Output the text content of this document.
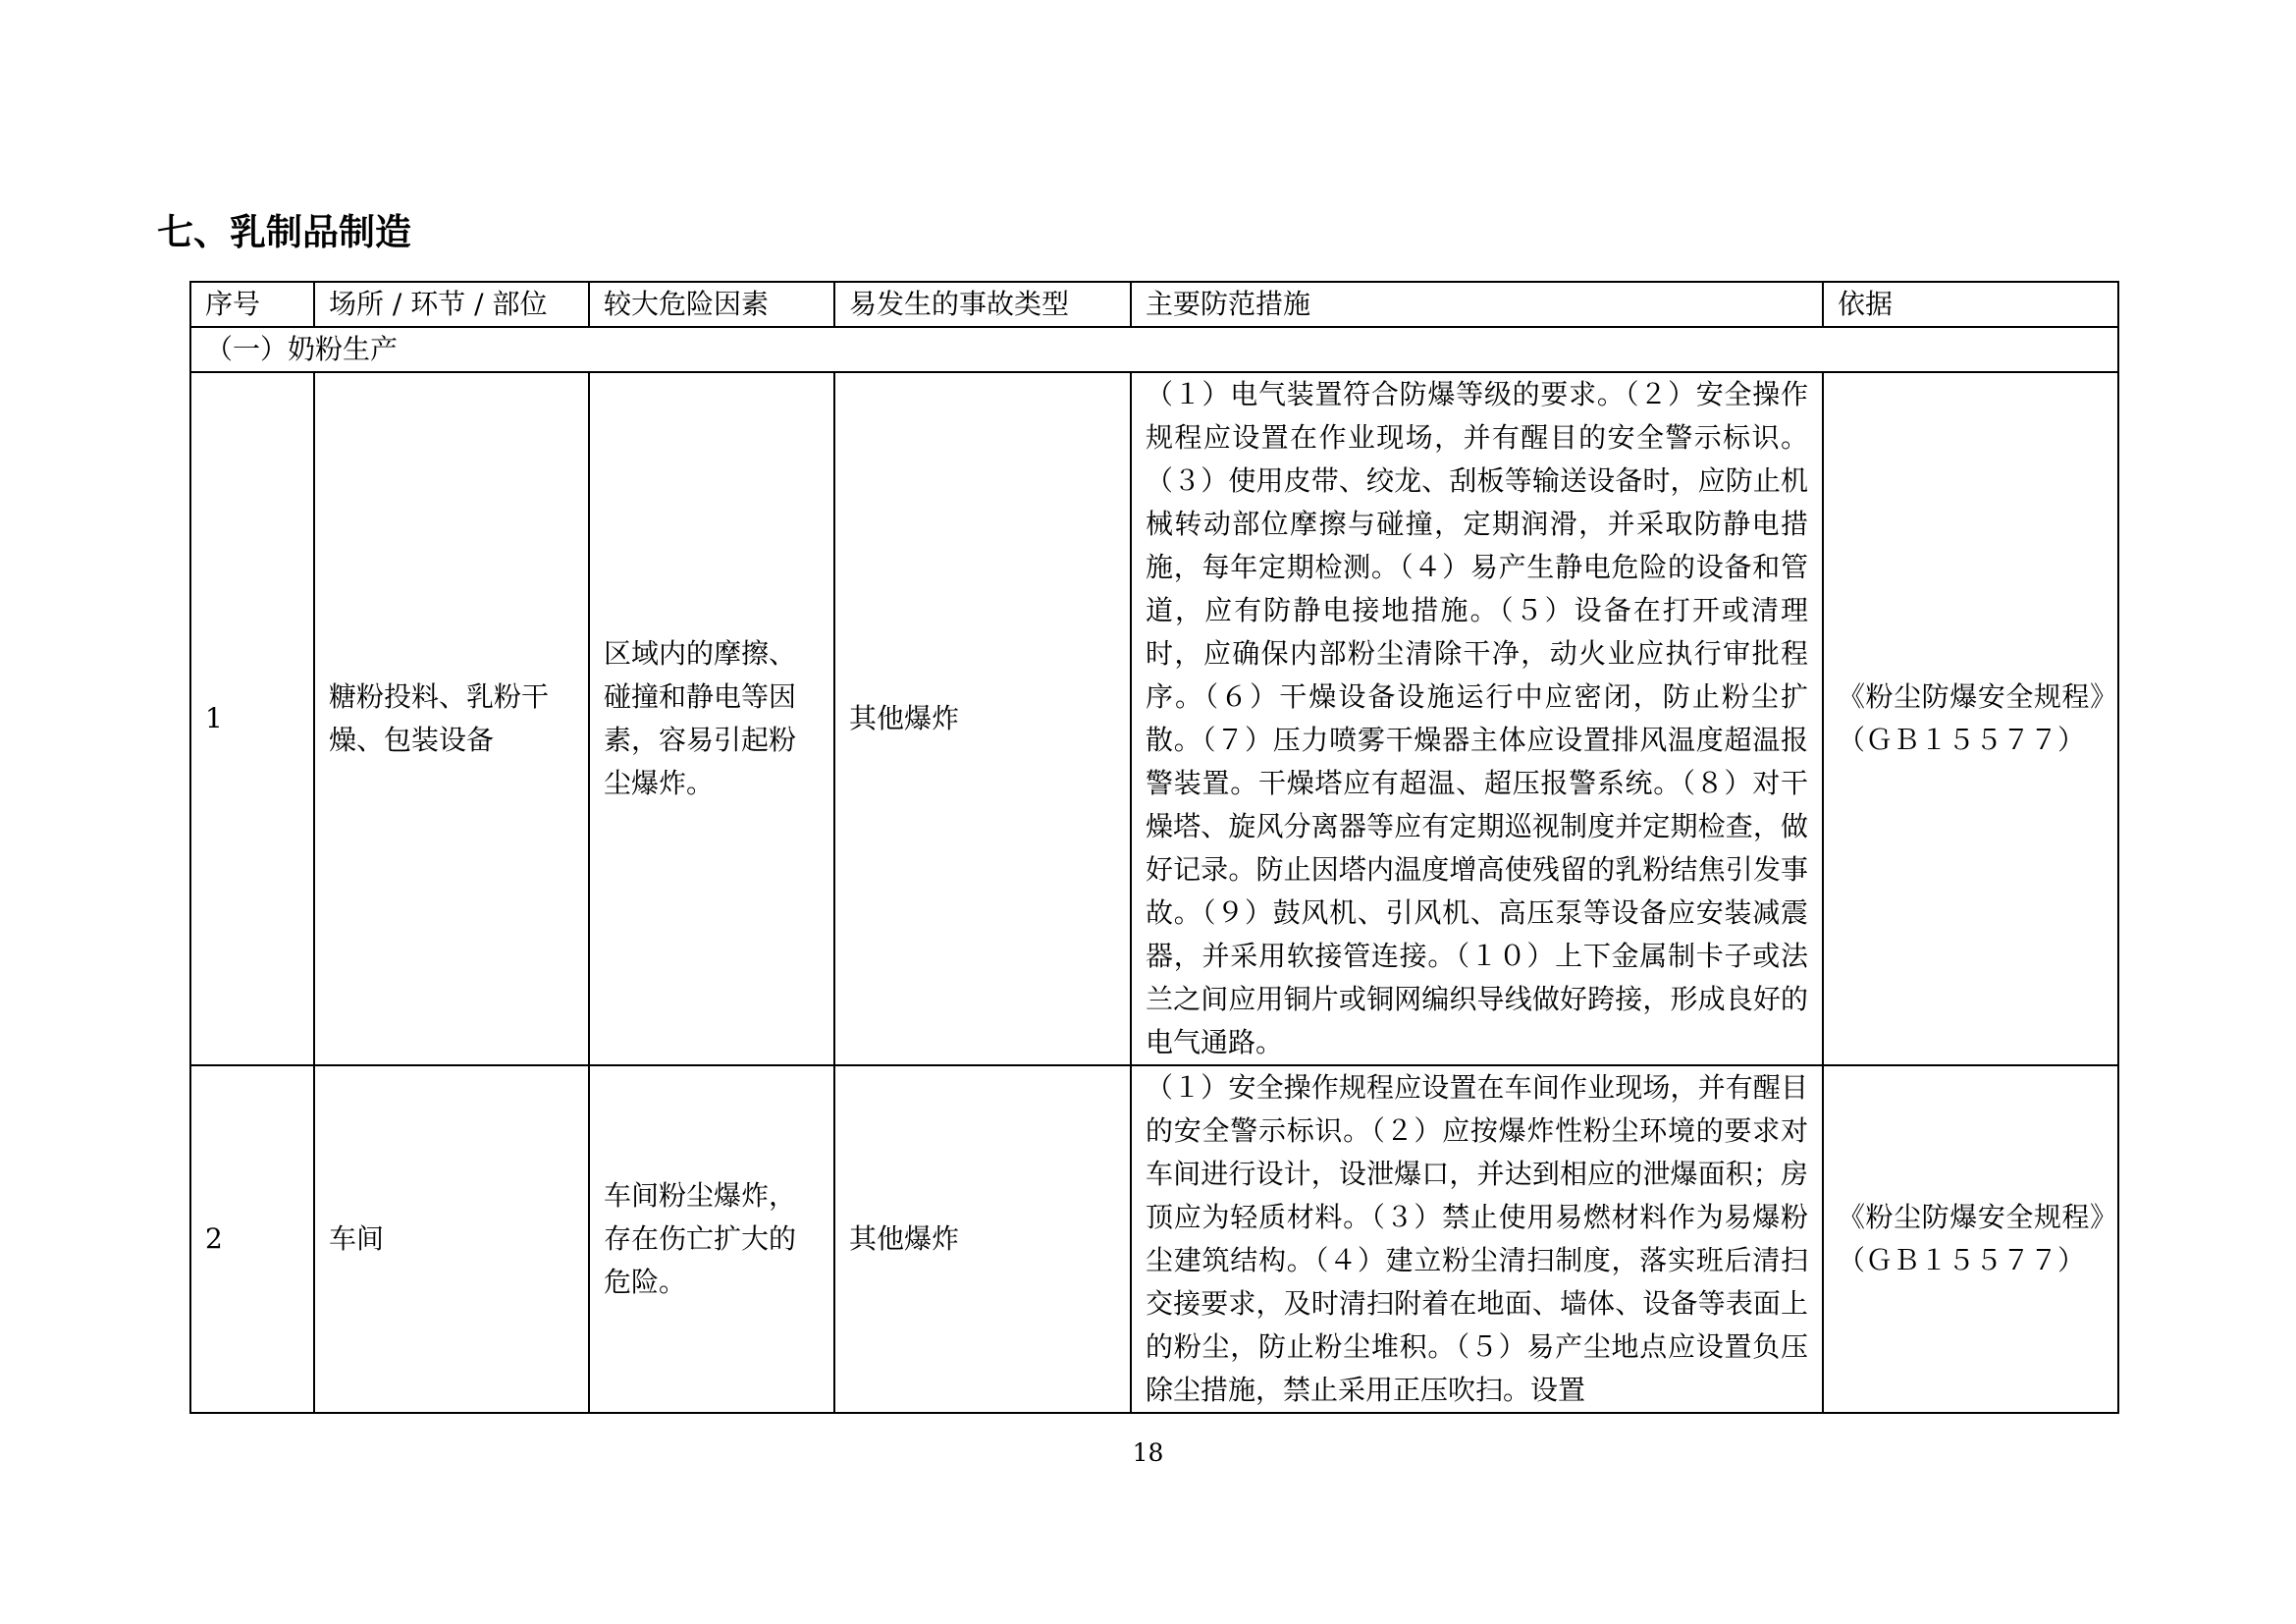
七、乳制品制造
序号	场所 / 环节 / 部位	较大危险因素	易发生的事故类型	主要防范措施	依据
（一）奶粉生产					
1	糖粉投料、乳粉干燥、包装设备	区域内的摩擦、碰撞和静电等因素，容易引起粉尘爆炸。	其他爆炸	（１）电气装置符合防爆等级的要求。（２）安全操作规程应设置在作业现场，并有醒目的安全警示标识。（３）使用皮带、绞龙、刮板等输送设备时，应防止机械转动部位摩擦与碰撞，定期润滑，并采取防静电措施，每年定期检测。（４）易产生静电危险的设备和管道，应有防静电接地措施。（５）设备在打开或清理时，应确保内部粉尘清除干净，动火业应执行审批程序。（６）干燥设备设施运行中应密闭，防止粉尘扩散。（７）压力喷雾干燥器主体应设置排风温度超温报警装置。干燥塔应有超温、超压报警系统。（８）对干燥塔、旋风分离器等应有定期巡视制度并定期检查，做好记录。防止因塔内温度增高使残留的乳粉结焦引发事故。（９）鼓风机、引风机、高压泵等设备应安装减震器，并采用软接管连接。（１０）上下金属制卡子或法兰之间应用铜片或铜网编织导线做好跨接，形成良好的电气通路。	《粉尘防爆安全规程》（ＧＢ１５５７７）

2	车间	车间粉尘爆炸，存在伤亡扩大的危险。	其他爆炸	（１）安全操作规程应设置在车间作业现场，并有醒目的安全警示标识。（２）应按爆炸性粉尘环境的要求对车间进行设计，设泄爆口，并达到相应的泄爆面积；房顶应为轻质材料。（３）禁止使用易燃材料作为易爆粉尘建筑结构。（４）建立粉尘清扫制度，落实班后清扫交接要求，及时清扫附着在地面、墙体、设备等表面上的粉尘，防止粉尘堆积。（５）易产尘地点应设置负压除尘措施，禁止采用正压吹扫。设置	《粉尘防爆安全规程》（ＧＢ１５５７７）
18
